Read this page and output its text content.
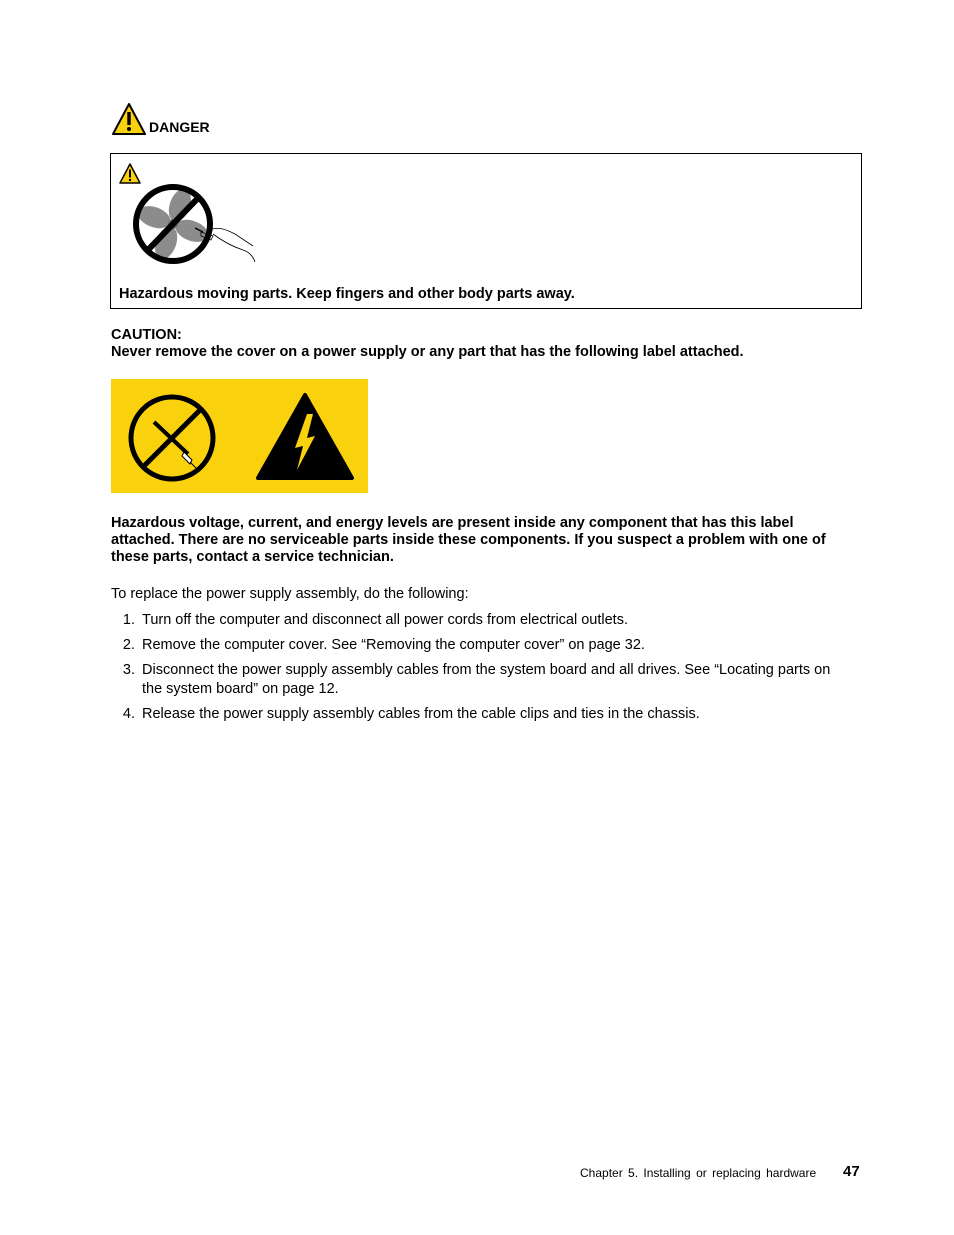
DANGER
Hazardous moving parts. Keep fingers and other body parts away.
CAUTION:
Never remove the cover on a power supply or any part that has the following label attached.
Hazardous voltage, current, and energy levels are present inside any component that has this label attached. There are no serviceable parts inside these components. If you suspect a problem with one of these parts, contact a service technician.
To replace the power supply assembly, do the following:
1. Turn off the computer and disconnect all power cords from electrical outlets.
2. Remove the computer cover. See “Removing the computer cover” on page 32.
3. Disconnect the power supply assembly cables from the system board and all drives. See “Locating parts on the system board” on page 12.
4. Release the power supply assembly cables from the cable clips and ties in the chassis.
Chapter 5. Installing or replacing hardware 47
